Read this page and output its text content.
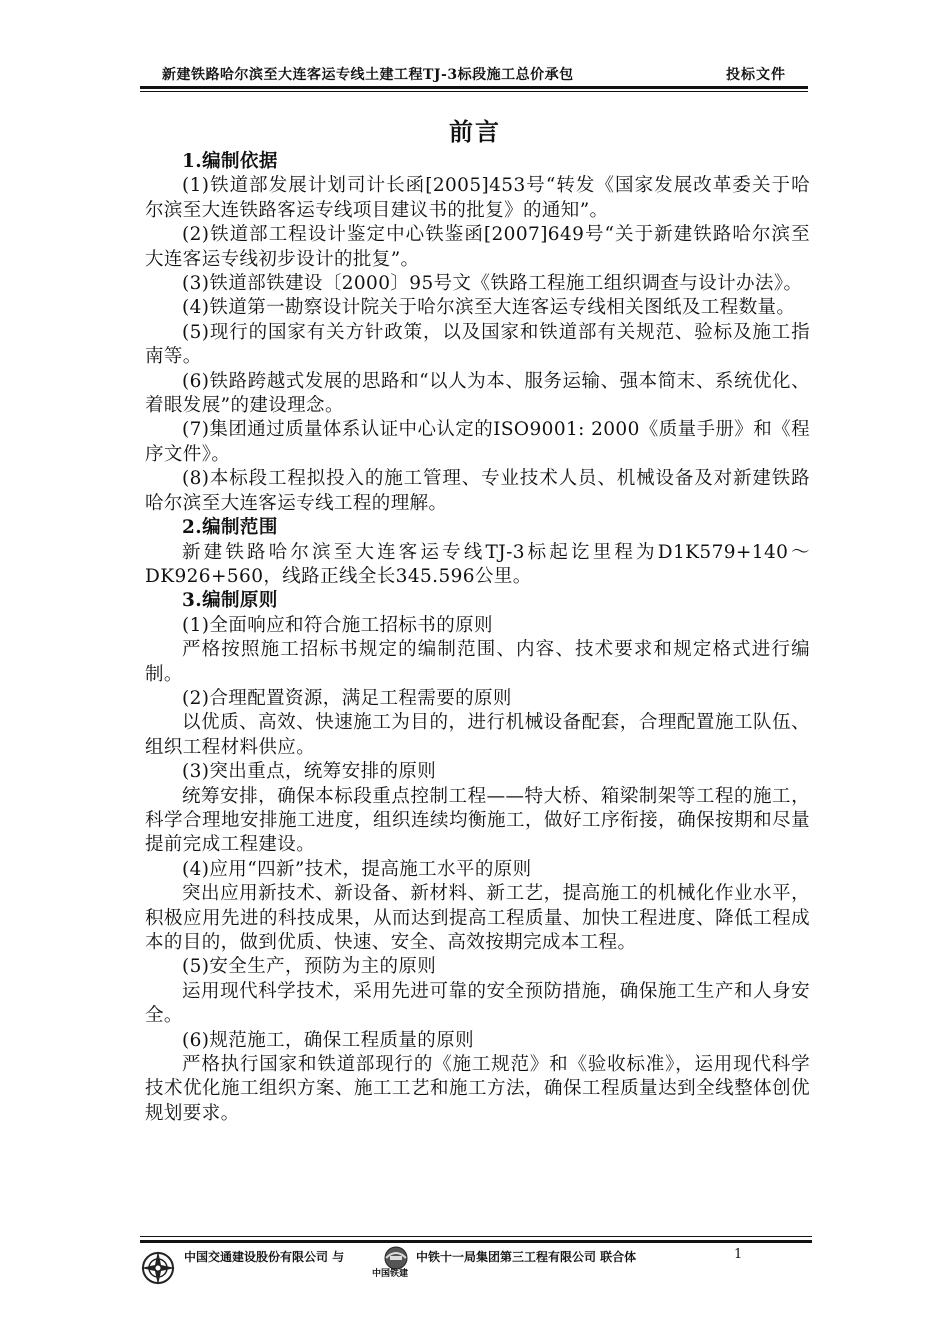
新建铁路哈尔滨至大连客运专线土建工程TJ-3标段施工总价承包	投标文件
前言

1.编制依据

(1)铁道部发展计划司计长函[2005]453号“转发《国家发展改革委关于哈尔滨至大连铁路客运专线项目建议书的批复》的通知”。

(2)铁道部工程设计鉴定中心铁鉴函[2007]649号“关于新建铁路哈尔滨至大连客运专线初步设计的批复”。

(3)铁道部铁建设〔2000〕95号文《铁路工程施工组织调查与设计办法》。

(4)铁道第一勘察设计院关于哈尔滨至大连客运专线相关图纸及工程数量。

(5)现行的国家有关方针政策，以及国家和铁道部有关规范、验标及施工指南等。

(6)铁路跨越式发展的思路和“以人为本、服务运输、强本简末、系统优化、着眼发展”的建设理念。

(7)集团通过质量体系认证中心认定的ISO9001: 2000《质量手册》和《程序文件》。

(8)本标段工程拟投入的施工管理、专业技术人员、机械设备及对新建铁路哈尔滨至大连客运专线工程的理解。

2.编制范围

新建铁路哈尔滨至大连客运专线TJ-3标起讫里程为D1K579+140～DK926+560，线路正线全长345.596公里。

3.编制原则

(1)全面响应和符合施工招标书的原则

严格按照施工招标书规定的编制范围、内容、技术要求和规定格式进行编制。

(2)合理配置资源，满足工程需要的原则

以优质、高效、快速施工为目的，进行机械设备配套，合理配置施工队伍、组织工程材料供应。

(3)突出重点，统筹安排的原则

统筹安排，确保本标段重点控制工程——特大桥、箱梁制架等工程的施工，科学合理地安排施工进度，组织连续均衡施工，做好工序衔接，确保按期和尽量提前完成工程建设。

(4)应用“四新”技术，提高施工水平的原则

突出应用新技术、新设备、新材料、新工艺，提高施工的机械化作业水平，积极应用先进的科技成果，从而达到提高工程质量、加快工程进度、降低工程成本的目的，做到优质、快速、安全、高效按期完成本工程。

(5)安全生产，预防为主的原则

运用现代科学技术，采用先进可靠的安全预防措施，确保施工生产和人身安全。

(6)规范施工，确保工程质量的原则

严格执行国家和铁道部现行的《施工规范》和《验收标准》，运用现代科学技术优化施工组织方案、施工工艺和施工方法，确保工程质量达到全线整体创优规划要求。

中国交通建设股份有限公司 与
中国铁建
中铁十一局集团第三工程有限公司 联合体	1
